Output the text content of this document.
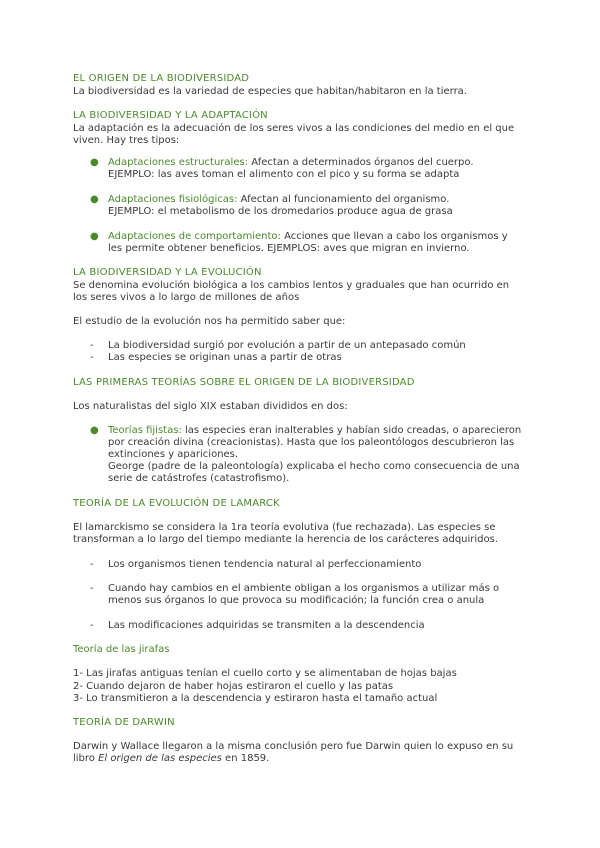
EL ORIGEN DE LA BIODIVERSIDAD
La biodiversidad es la variedad de especies que habitan/habitaron en la tierra.
LA BIODIVERSIDAD Y LA ADAPTACIÓN
La adaptación es la adecuación de los seres vivos a las condiciones del medio en el que
viven. Hay tres tipos:
● Adaptaciones estructurales: Afectan a determinados órganos del cuerpo.
EJEMPLO: las aves toman el alimento con el pico y su forma se adapta
● Adaptaciones fisiológicas: Afectan al funcionamiento del organismo.
EJEMPLO: el metabolismo de los dromedarios produce agua de grasa
● Adaptaciones de comportamiento: Acciones que llevan a cabo los organismos y
les permite obtener beneficios. EJEMPLOS: aves que migran en invierno.
LA BIODIVERSIDAD Y LA EVOLUCIÓN
Se denomina evolución biológica a los cambios lentos y graduales que han ocurrido en
los seres vivos a lo largo de millones de años
El estudio de la evolución nos ha permitido saber que:
- La biodiversidad surgió por evolución a partir de un antepasado común
- Las especies se originan unas a partir de otras
LAS PRIMERAS TEORÍAS SOBRE EL ORIGEN DE LA BIODIVERSIDAD
Los naturalistas del siglo XIX estaban divididos en dos:
● Teorías fijistas: las especies eran inalterables y habían sido creadas, o aparecieron
por creación divina (creacionistas). Hasta que los paleontólogos descubrieron las
extinciones y apariciones.
George (padre de la paleontología) explicaba el hecho como consecuencia de una
serie de catástrofes (catastrofismo).
TEORÍA DE LA EVOLUCIÓN DE LAMARCK
El lamarckismo se considera la 1ra teoría evolutiva (fue rechazada). Las especies se
transforman a lo largo del tiempo mediante la herencia de los carácteres adquiridos.
- Los organismos tienen tendencia natural al perfeccionamiento
- Cuando hay cambios en el ambiente obligan a los organismos a utilizar más o
menos sus órganos lo que provoca su modificación; la función crea o anula
- Las modificaciones adquiridas se transmiten a la descendencia
Teoría de las jirafas
1- Las jirafas antiguas tenían el cuello corto y se alimentaban de hojas bajas
2- Cuando dejaron de haber hojas estiraron el cuello y las patas
3- Lo transmitieron a la descendencia y estiraron hasta el tamaño actual
TEORÍA DE DARWIN
Darwin y Wallace llegaron a la misma conclusión pero fue Darwin quien lo expuso en su
libro El origen de las especies en 1859.
